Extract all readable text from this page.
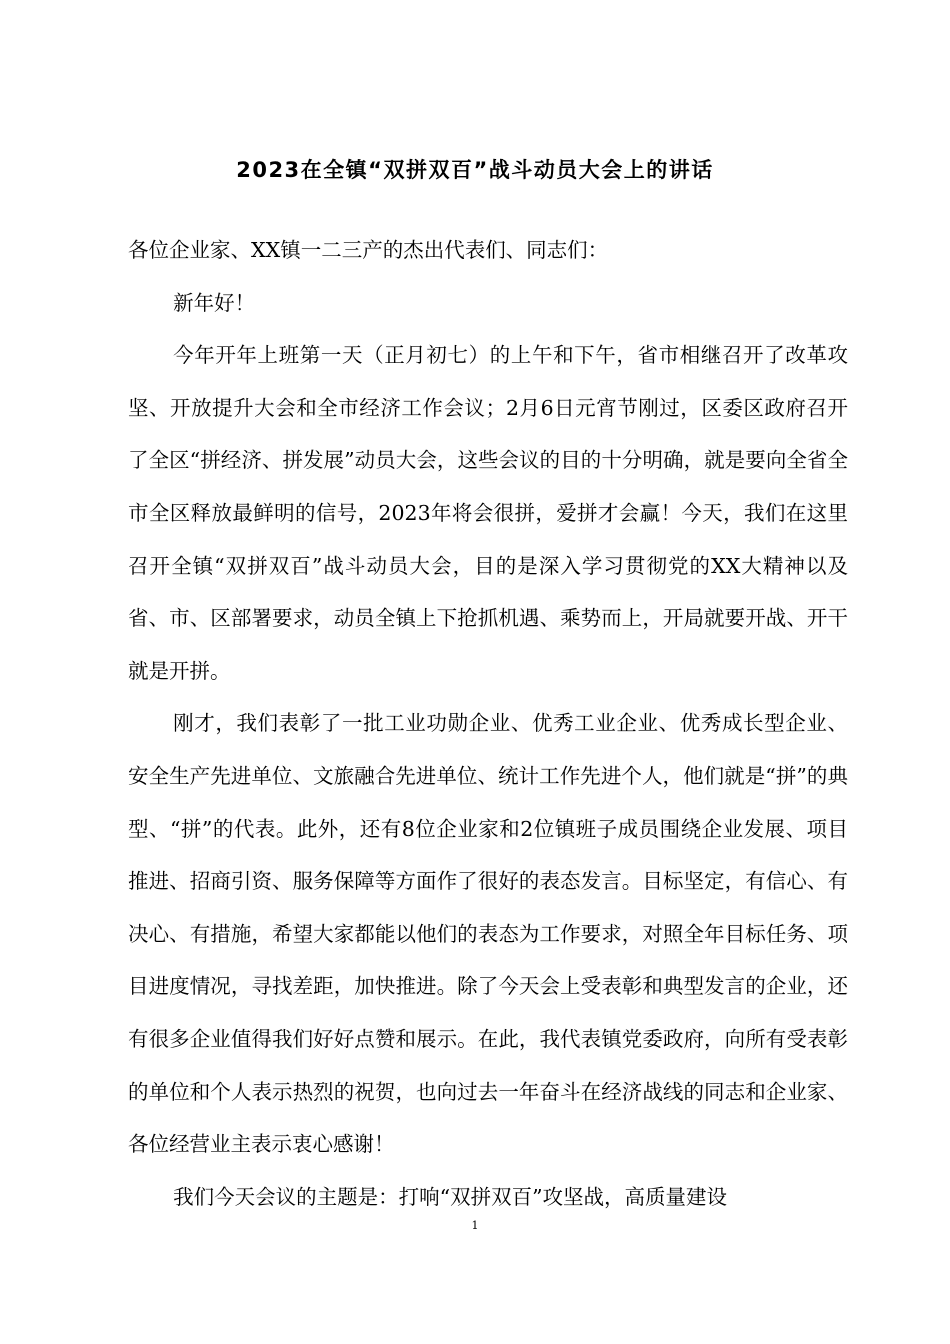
2023在全镇“双拼双百”战斗动员大会上的讲话

各位企业家、XX镇一二三产的杰出代表们、同志们：

新年好！

今年开年上班第一天（正月初七）的上午和下午，省市相继召开了改革攻坚、开放提升大会和全市经济工作会议；2月6日元宵节刚过，区委区政府召开了全区“拼经济、拼发展”动员大会，这些会议的目的十分明确，就是要向全省全市全区释放最鲜明的信号，2023年将会很拼，爱拼才会赢！今天，我们在这里召开全镇“双拼双百”战斗动员大会，目的是深入学习贯彻党的XX大精神以及省、市、区部署要求，动员全镇上下抢抓机遇、乘势而上，开局就要开战、开干就是开拼。

刚才，我们表彰了一批工业功勋企业、优秀工业企业、优秀成长型企业、安全生产先进单位、文旅融合先进单位、统计工作先进个人，他们就是“拼”的典型、“拼”的代表。此外，还有8位企业家和2位镇班子成员围绕企业发展、项目推进、招商引资、服务保障等方面作了很好的表态发言。目标坚定，有信心、有决心、有措施，希望大家都能以他们的表态为工作要求，对照全年目标任务、项目进度情况，寻找差距，加快推进。除了今天会上受表彰和典型发言的企业，还有很多企业值得我们好好点赞和展示。在此，我代表镇党委政府，向所有受表彰的单位和个人表示热烈的祝贺，也向过去一年奋斗在经济战线的同志和企业家、各位经营业主表示衷心感谢！

我们今天会议的主题是：打响“双拼双百”攻坚战，高质量建设

1
